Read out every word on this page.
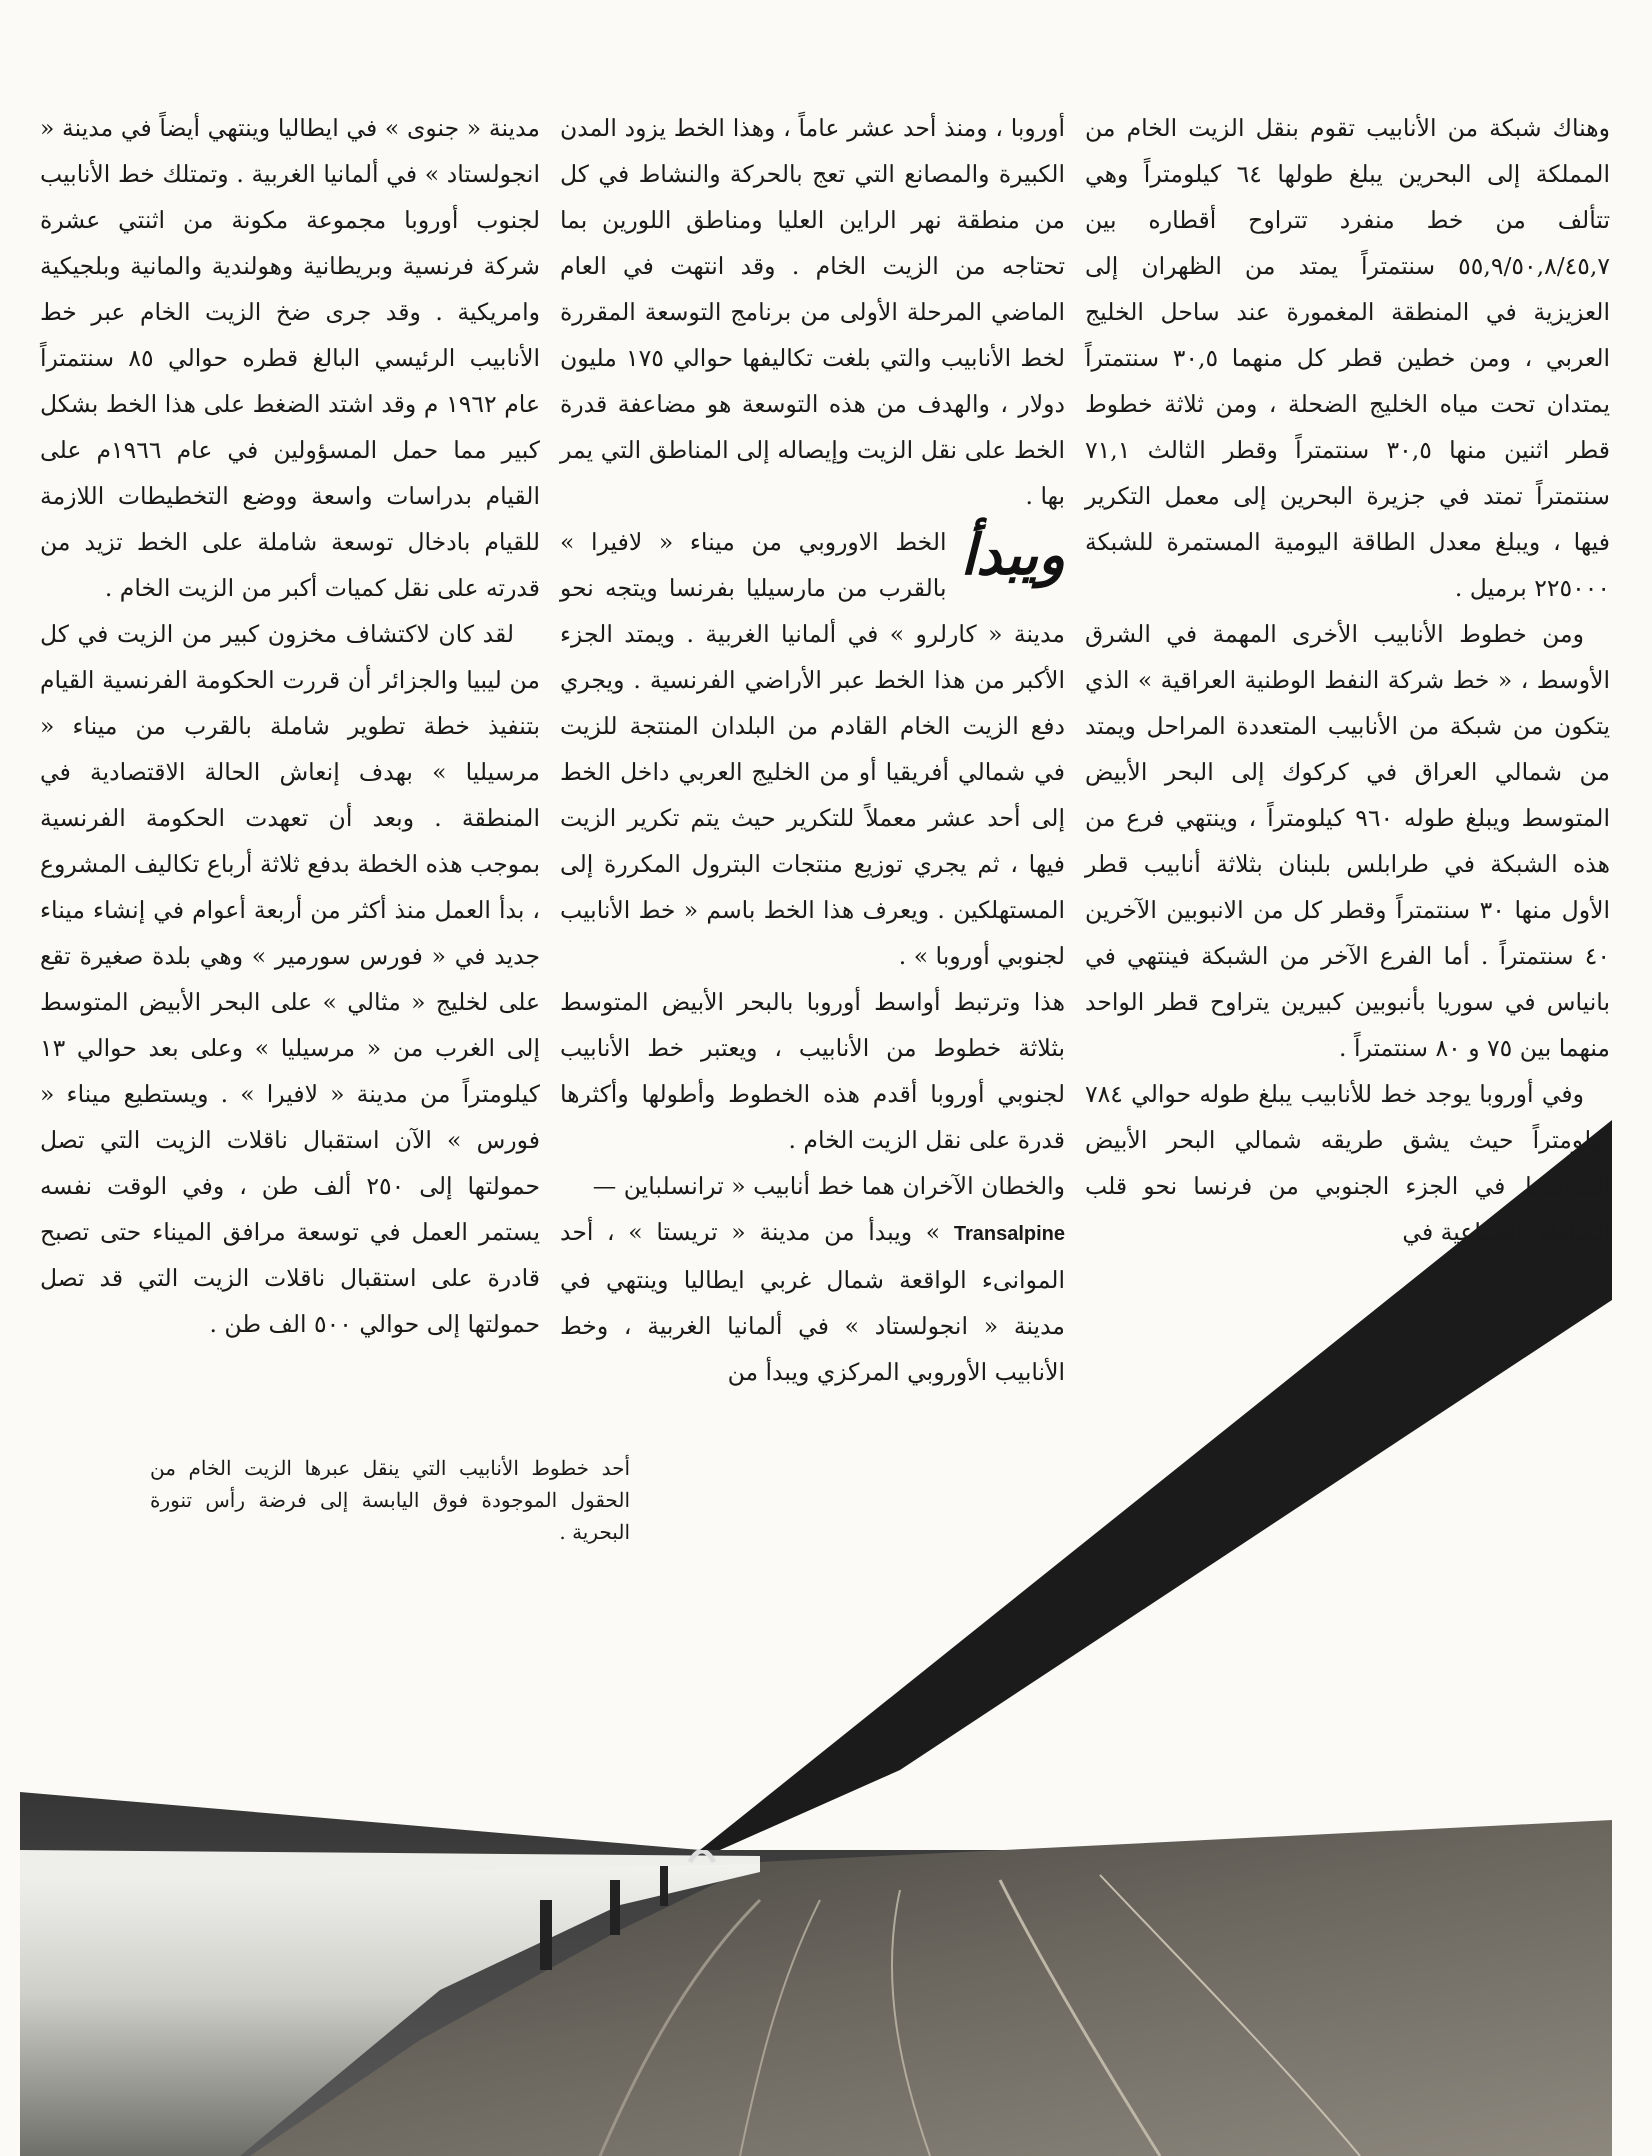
وهناك شبكة من الأنابيب تقوم بنقل الزيت الخام من المملكة إلى البحرين يبلغ طولها ٦٤ كيلومتراً وهي تتألف من خط منفرد تتراوح أقطاره بين ٥٥,٩/٥٠,٨/٤٥,٧ سنتمتراً يمتد من الظهران إلى العزيزية في المنطقة المغمورة عند ساحل الخليج العربي ، ومن خطين قطر كل منهما ٣٠,٥ سنتمتراً يمتدان تحت مياه الخليج الضحلة ، ومن ثلاثة خطوط قطر اثنين منها ٣٠,٥ سنتمتراً وقطر الثالث ٧١,١ سنتمتراً تمتد في جزيرة البحرين إلى معمل التكرير فيها ، ويبلغ معدل الطاقة اليومية المستمرة للشبكة ٢٢٥٠٠٠ برميل .

ومن خطوط الأنابيب الأخرى المهمة في الشرق الأوسط ، « خط شركة النفط الوطنية العراقية » الذي يتكون من شبكة من الأنابيب المتعددة المراحل ويمتد من شمالي العراق في كركوك إلى البحر الأبيض المتوسط ويبلغ طوله ٩٦٠ كيلومتراً ، وينتهي فرع من هذه الشبكة في طرابلس بلبنان بثلاثة أنابيب قطر الأول منها ٣٠ سنتمتراً وقطر كل من الانبوبين الآخرين ٤٠ سنتمتراً . أما الفرع الآخر من الشبكة فينتهي في بانياس في سوريا بأنبوبين كبيرين يتراوح قطر الواحد منهما بين ٧٥ و ٨٠ سنتمتراً .

وفي أوروبا يوجد خط للأنابيب يبلغ طوله حوالي ٧٨٤ كيلومتراً حيث يشق طريقه شمالي البحر الأبيض المتوسط في الجزء الجنوبي من فرنسا نحو قلب المناطق الصناعية في

أوروبا ، ومنذ أحد عشر عاماً ، وهذا الخط يزود المدن الكبيرة والمصانع التي تعج بالحركة والنشاط في كل من منطقة نهر الراين العليا ومناطق اللورين بما تحتاجه من الزيت الخام . وقد انتهت في العام الماضي المرحلة الأولى من برنامج التوسعة المقررة لخط الأنابيب والتي بلغت تكاليفها حوالي ١٧٥ مليون دولار ، والهدف من هذه التوسعة هو مضاعفة قدرة الخط على نقل الزيت وإيصاله إلى المناطق التي يمر بها .

ويبدأ
الخط الاوروبي من ميناء « لافيرا » بالقرب من مارسيليا بفرنسا ويتجه نحو مدينة « كارلرو » في ألمانيا الغربية . ويمتد الجزء الأكبر من هذا الخط عبر الأراضي الفرنسية . ويجري دفع الزيت الخام القادم من البلدان المنتجة للزيت في شمالي أفريقيا أو من الخليج العربي داخل الخط إلى أحد عشر معملاً للتكرير حيث يتم تكرير الزيت فيها ، ثم يجري توزيع منتجات البترول المكررة إلى المستهلكين . ويعرف هذا الخط باسم « خط الأنابيب لجنوبي أوروبا » .

هذا وترتبط أواسط أوروبا بالبحر الأبيض المتوسط بثلاثة خطوط من الأنابيب ، ويعتبر خط الأنابيب لجنوبي أوروبا أقدم هذه الخطوط وأطولها وأكثرها قدرة على نقل الزيت الخام .

والخطان الآخران هما خط أنابيب « ترانسلباين —
Transalpine » ويبدأ من مدينة « تريستا » ، أحد الموانىء الواقعة شمال غربي ايطاليا وينتهي في مدينة « انجولستاد » في ألمانيا الغربية ، وخط الأنابيب الأوروبي المركزي ويبدأ من

مدينة « جنوى » في ايطاليا وينتهي أيضاً في مدينة « انجولستاد » في ألمانيا الغربية . وتمتلك خط الأنابيب لجنوب أوروبا مجموعة مكونة من اثنتي عشرة شركة فرنسية وبريطانية وهولندية والمانية وبلجيكية وامريكية . وقد جرى ضخ الزيت الخام عبر خط الأنابيب الرئيسي البالغ قطره حوالي ٨٥ سنتمتراً عام ١٩٦٢ م وقد اشتد الضغط على هذا الخط بشكل كبير مما حمل المسؤولين في عام ١٩٦٦م على القيام بدراسات واسعة ووضع التخطيطات اللازمة للقيام بادخال توسعة شاملة على الخط تزيد من قدرته على نقل كميات أكبر من الزيت الخام .

لقد كان لاكتشاف مخزون كبير من الزيت في كل من ليبيا والجزائر أن قررت الحكومة الفرنسية القيام بتنفيذ خطة تطوير شاملة بالقرب من ميناء « مرسيليا » بهدف إنعاش الحالة الاقتصادية في المنطقة . وبعد أن تعهدت الحكومة الفرنسية بموجب هذه الخطة بدفع ثلاثة أرباع تكاليف المشروع ، بدأ العمل منذ أكثر من أربعة أعوام في إنشاء ميناء جديد في « فورس سورمير » وهي بلدة صغيرة تقع على لخليج « مثالي » على البحر الأبيض المتوسط إلى الغرب من « مرسيليا » وعلى بعد حوالي ١٣ كيلومتراً من مدينة « لافيرا » . ويستطيع ميناء « فورس » الآن استقبال ناقلات الزيت التي تصل حمولتها إلى ٢٥٠ ألف طن ، وفي الوقت نفسه يستمر العمل في توسعة مرافق الميناء حتى تصبح قادرة على استقبال ناقلات الزيت التي قد تصل حمولتها إلى حوالي ٥٠٠ الف طن .

أحد خطوط الأنابيب التي ينقل عبرها الزيت الخام من الحقول الموجودة فوق اليابسة إلى فرضة رأس تنورة البحرية .
